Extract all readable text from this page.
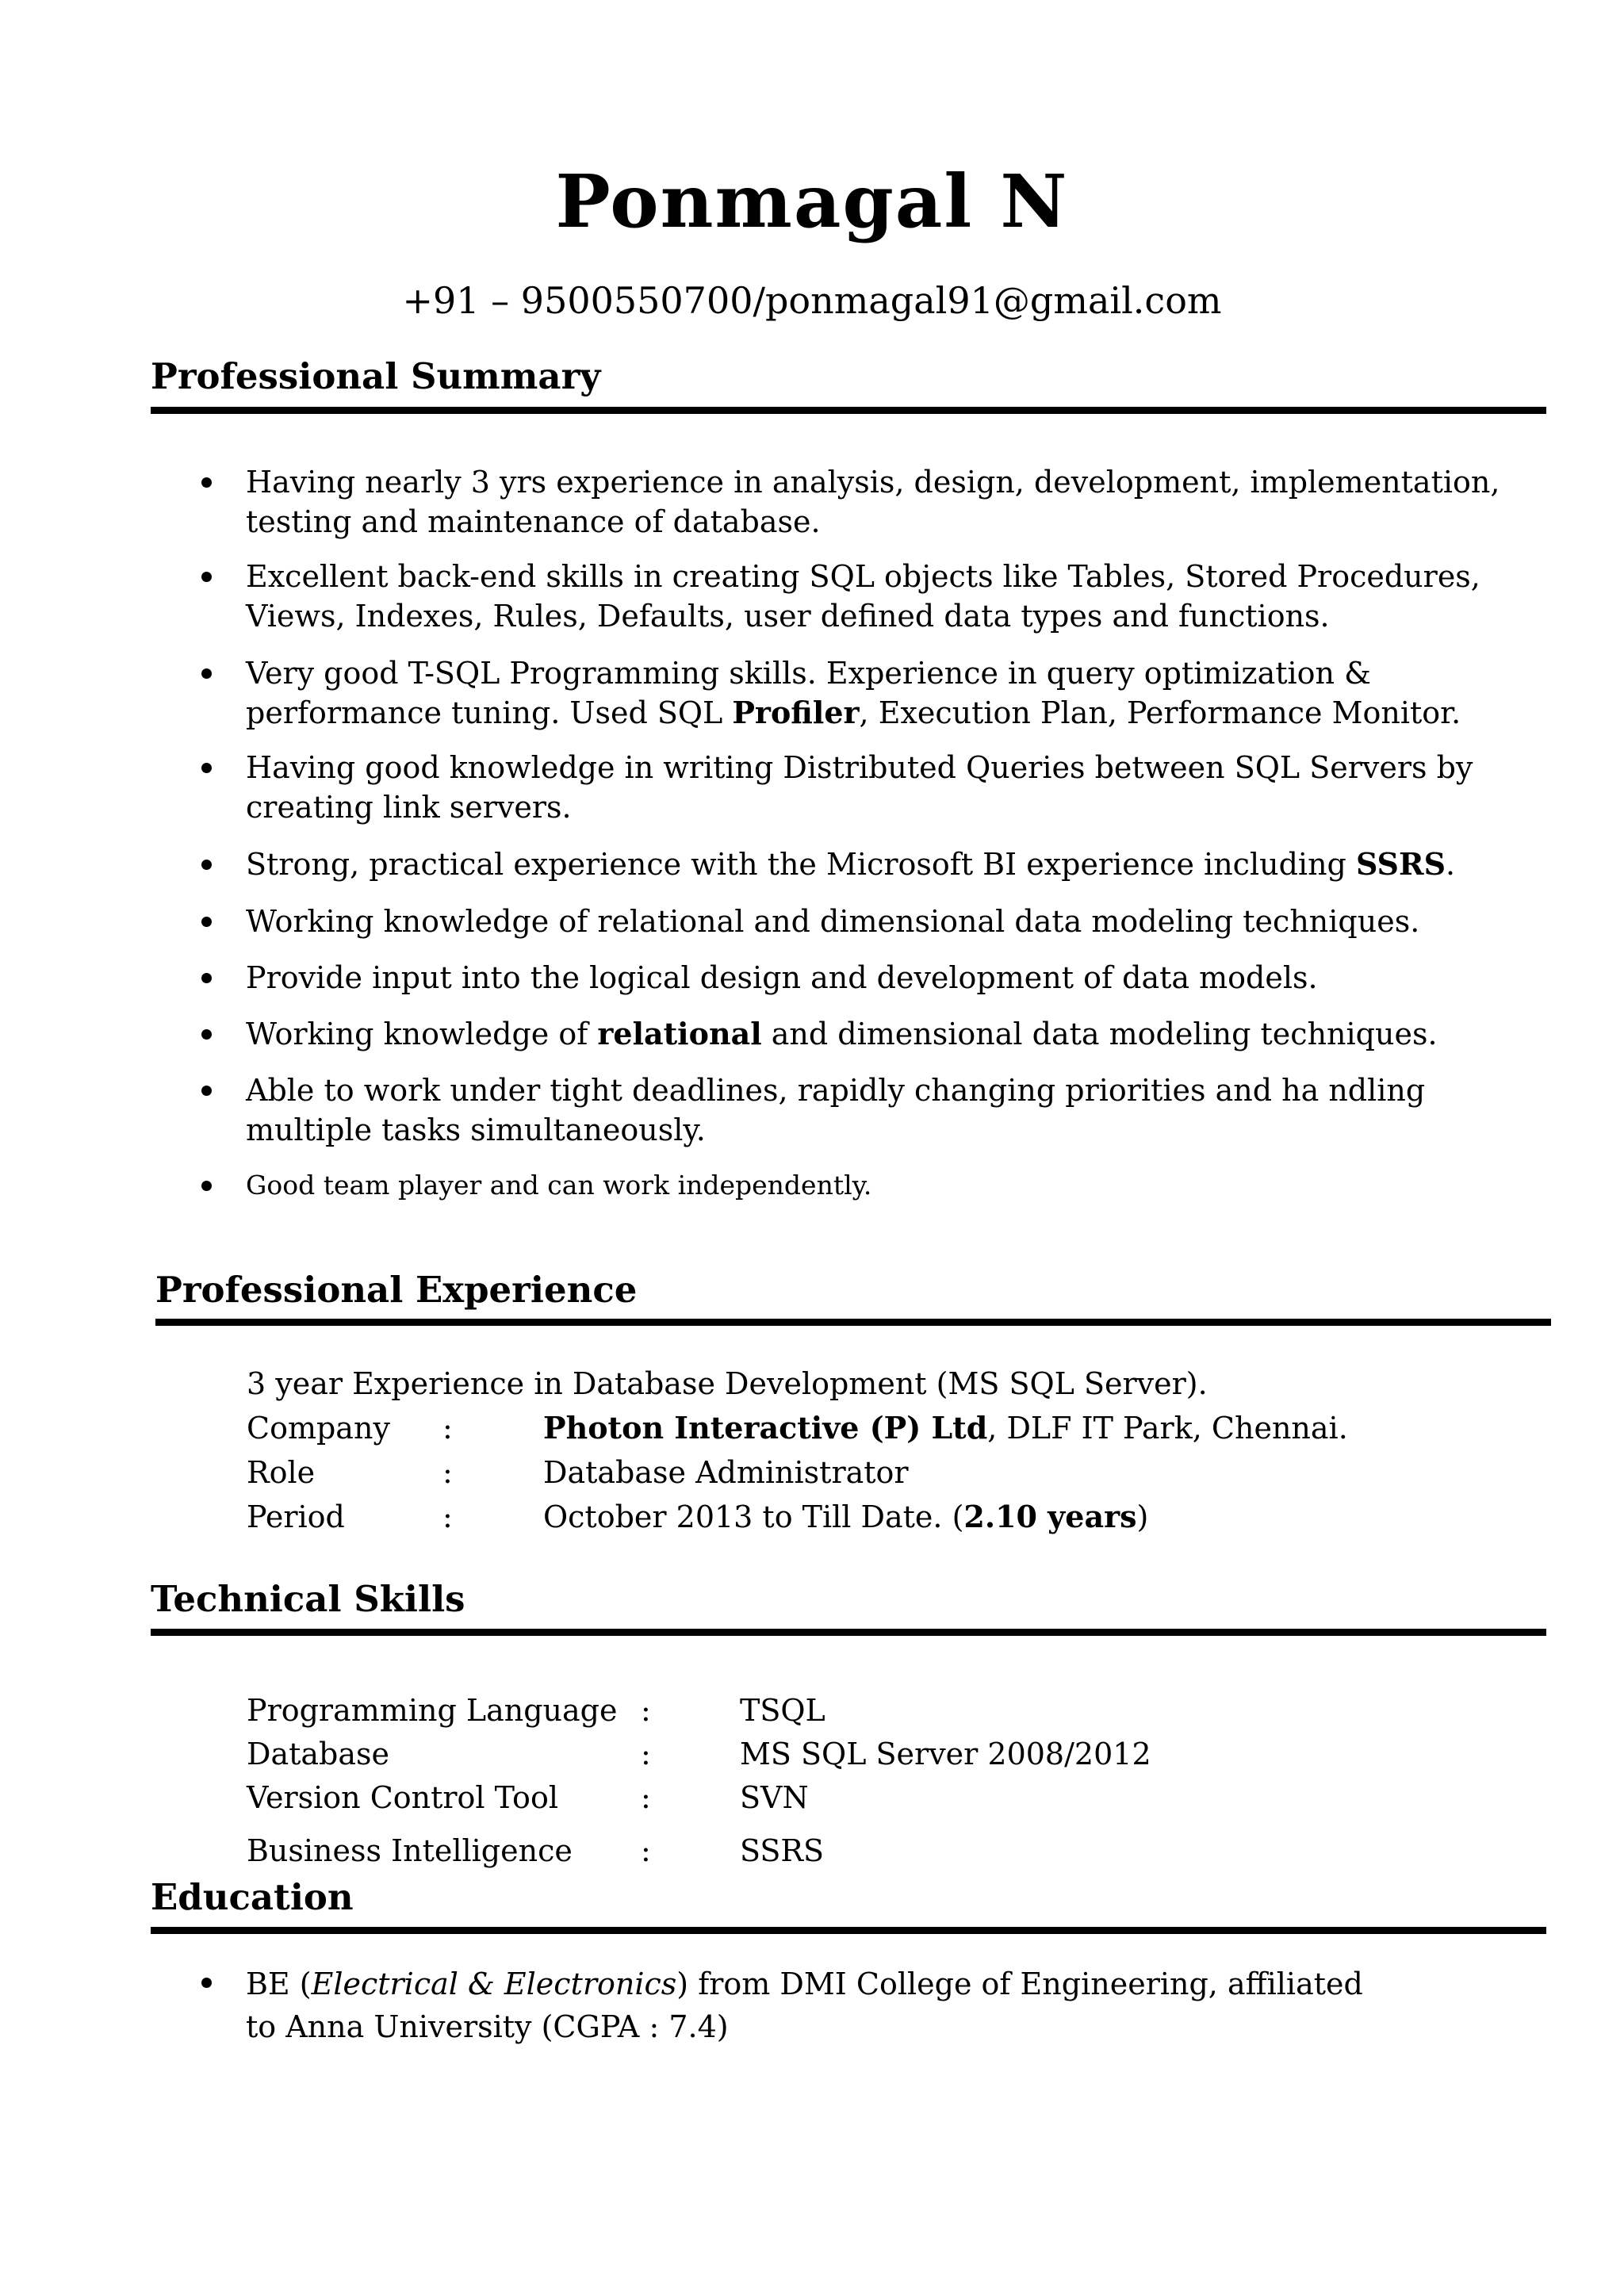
Ponmagal N
+91 – 9500550700/ponmagal91@gmail.com
Professional Summary
Having nearly 3 yrs experience in analysis, design, development, implementation, testing and maintenance of database.
Excellent back-end skills in creating SQL objects like Tables, Stored Procedures, Views, Indexes, Rules, Defaults, user defined data types and functions.
Very good T-SQL Programming skills. Experience in query optimization & performance tuning. Used SQL Profiler, Execution Plan, Performance Monitor.
Having good knowledge in writing Distributed Queries between SQL Servers by creating link servers.
Strong, practical experience with the Microsoft BI experience including SSRS.
Working knowledge of relational and dimensional data modeling techniques.
Provide input into the logical design and development of data models.
Working knowledge of relational and dimensional data modeling techniques.
Able to work under tight deadlines, rapidly changing priorities and ha ndling multiple tasks simultaneously.
Good team player and can work independently.
Professional Experience
3 year Experience in Database Development (MS SQL Server).
Company :	Photon Interactive (P) Ltd, DLF IT Park, Chennai.
Role	:	Database Administrator
Period	:	October 2013 to Till Date. (2.10 years)
Technical Skills
Programming Language :	TSQL
Database	:	MS SQL Server 2008/2012
Version Control Tool	:	SVN
Business Intelligence :	SSRS
Education
BE (Electrical & Electronics) from DMI College of Engineering, affiliated to Anna University (CGPA : 7.4)
